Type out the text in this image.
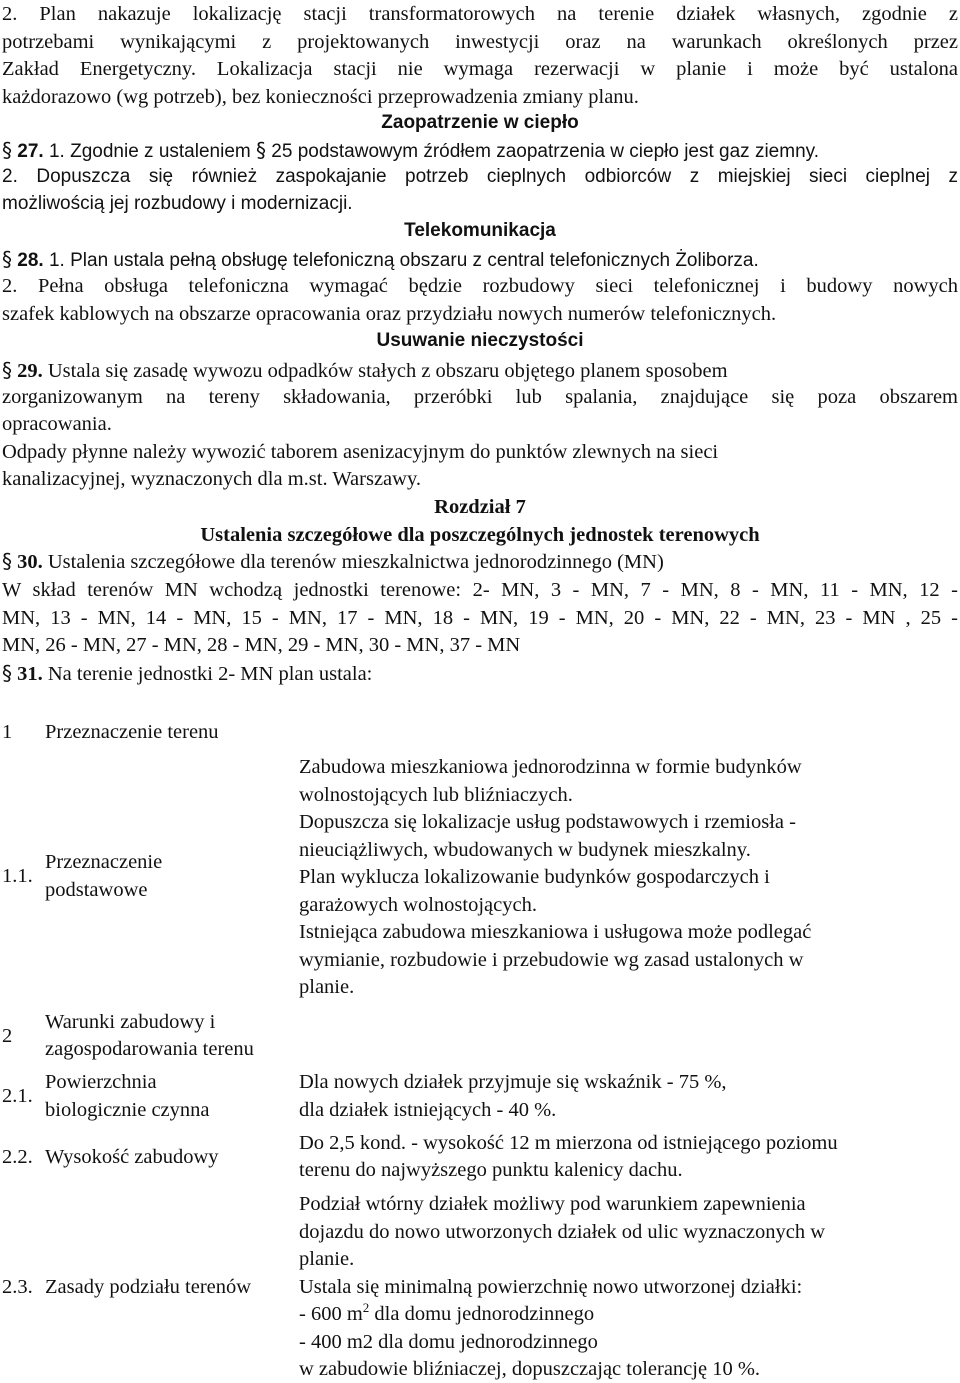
2. Plan nakazuje lokalizację stacji transformatorowych na terenie działek własnych, zgodnie z
potrzebami wynikającymi z projektowanych inwestycji oraz na warunkach określonych przez
Zakład Energetyczny. Lokalizacja stacji nie wymaga rezerwacji w planie i może być ustalona
każdorazowo (wg potrzeb), bez konieczności przeprowadzenia zmiany planu.
Zaopatrzenie w ciepło
§ 27. 1. Zgodnie z ustaleniem § 25 podstawowym źródłem zaopatrzenia w ciepło jest gaz ziemny.
2. Dopuszcza się również zaspokajanie potrzeb cieplnych odbiorców z miejskiej sieci cieplnej z
możliwością jej rozbudowy i modernizacji.
Telekomunikacja
§ 28. 1. Plan ustala pełną obsługę telefoniczną obszaru z central telefonicznych Żoliborza.
2. Pełna obsługa telefoniczna wymagać będzie rozbudowy sieci telefonicznej i budowy nowych
szafek kablowych na obszarze opracowania oraz przydziału nowych numerów telefonicznych.
Usuwanie nieczystości
§ 29. Ustala się zasadę wywozu odpadków stałych z obszaru objętego planem sposobem
zorganizowanym na tereny składowania, przeróbki lub spalania, znajdujące się poza obszarem
opracowania.
Odpady płynne należy wywozić taborem asenizacyjnym do punktów zlewnych na sieci
kanalizacyjnej, wyznaczonych dla m.st. Warszawy.
Rozdział 7
Ustalenia szczegółowe dla poszczególnych jednostek terenowych
§ 30. Ustalenia szczegółowe dla terenów mieszkalnictwa jednorodzinnego (MN)
W skład terenów MN wchodzą jednostki terenowe: 2- MN, 3 - MN, 7 - MN, 8 - MN, 11 - MN, 12 -
MN, 13 - MN, 14 - MN, 15 - MN, 17 - MN, 18 - MN, 19 - MN, 20 - MN, 22 - MN, 23 - MN , 25 -
MN, 26 - MN, 27 - MN, 28 - MN, 29 - MN, 30 - MN, 37 - MN
§ 31. Na terenie jednostki 2- MN plan ustala:
1 Przeznaczenie terenu
1.1.
Przeznaczenie
podstawowe
Zabudowa mieszkaniowa jednorodzinna w formie budynków
wolnostojących lub bliźniaczych.
Dopuszcza się lokalizacje usług podstawowych i rzemiosła -
nieuciążliwych, wbudowanych w budynek mieszkalny.
Plan wyklucza lokalizowanie budynków gospodarczych i
garażowych wolnostojących.
Istniejąca zabudowa mieszkaniowa i usługowa może podlegać
wymianie, rozbudowie i przebudowie wg zasad ustalonych w
planie.
2
Warunki zabudowy i
zagospodarowania terenu
2.1.
Powierzchnia
biologicznie czynna
Dla nowych działek przyjmuje się wskaźnik - 75 %,
dla działek istniejących - 40 %.
2.2. Wysokość zabudowy
Do 2,5 kond. - wysokość 12 m mierzona od istniejącego poziomu
terenu do najwyższego punktu kalenicy dachu.
Podział wtórny działek możliwy pod warunkiem zapewnienia
dojazdu do nowo utworzonych działek od ulic wyznaczonych w
planie.
2.3. Zasady podziału terenów Ustala się minimalną powierzchnię nowo utworzonej działki:
- 600 $m^2$ dla domu jednorodzinnego
- 400 m2 dla domu jednorodzinnego
w zabudowie bliźniaczej, dopuszczając tolerancję 10 %.
